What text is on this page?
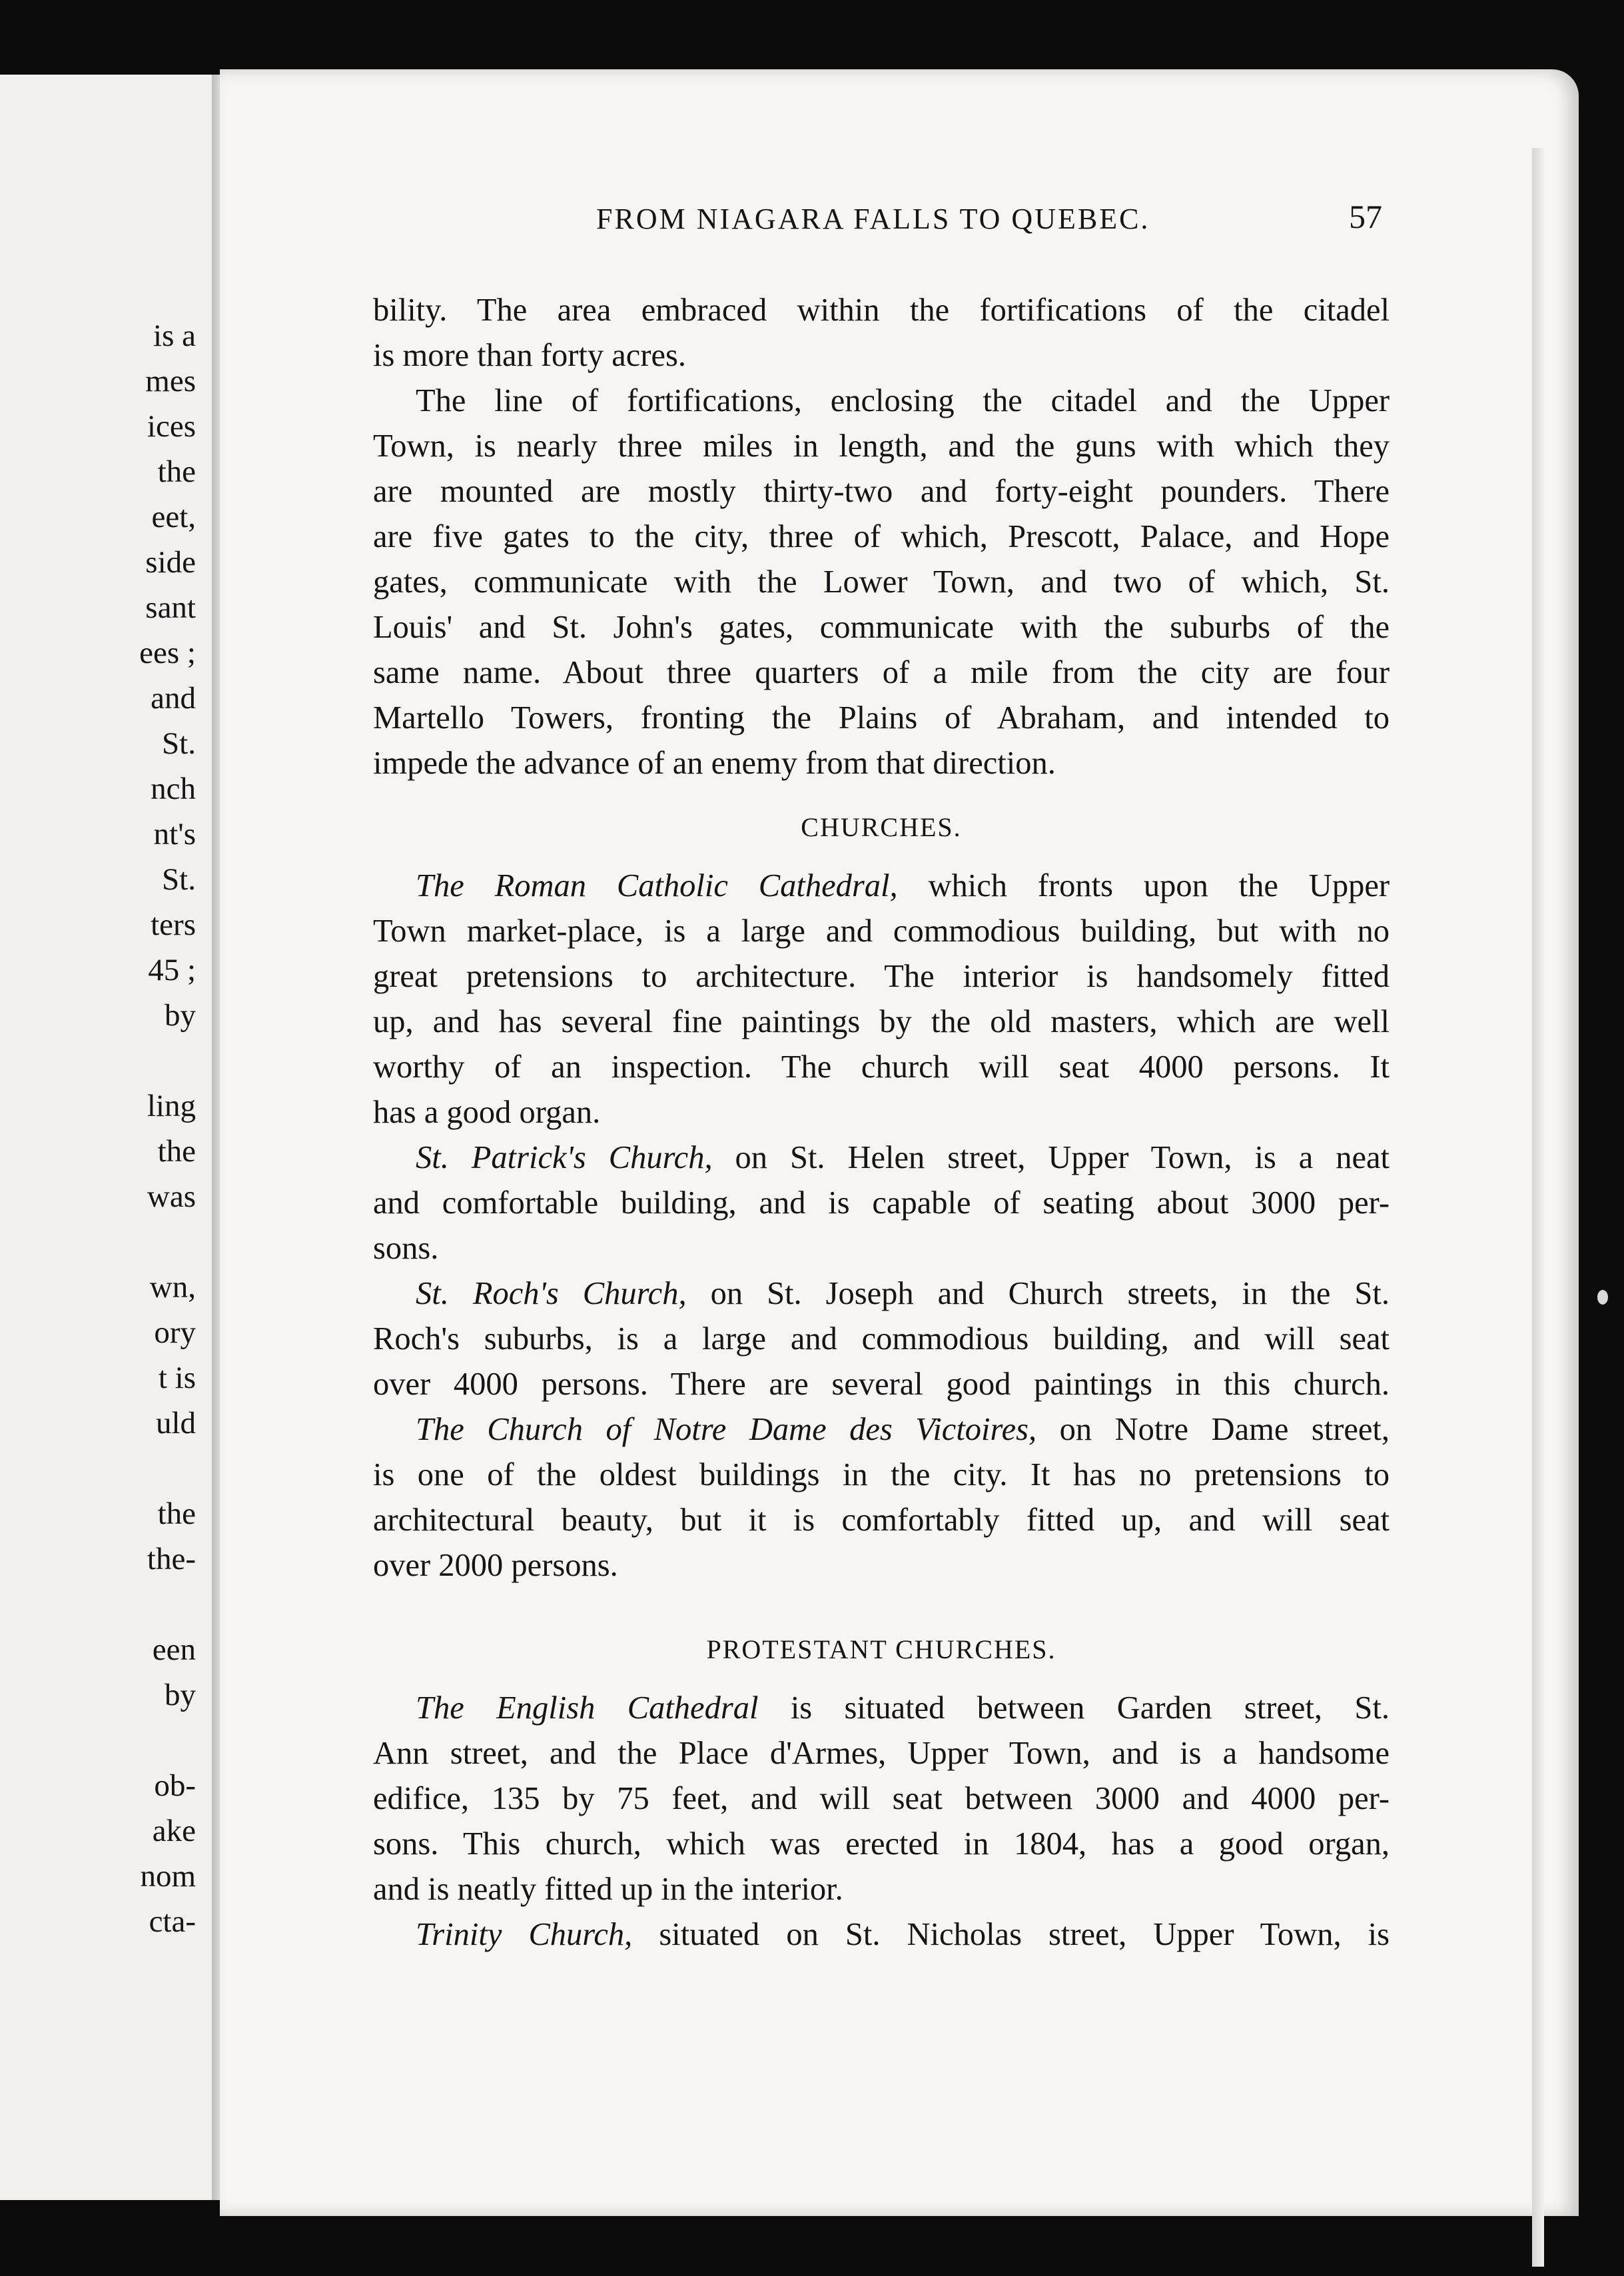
is a
mes
ices
the
eet,
side
sant
ees ;
and
St.
nch
nt's
St.
ters
45 ;
by
ling
the
was
wn,
ory
t is
uld
the
the-
een
by
ob-
ake
nom
cta-
FROM NIAGARA FALLS TO QUEBEC.	57

bility. The area embraced within the fortifications of the citadel
is more than forty acres.

The line of fortifications, enclosing the citadel and the Upper
Town, is nearly three miles in length, and the guns with which they
are mounted are mostly thirty-two and forty-eight pounders. There
are five gates to the city, three of which, Prescott, Palace, and Hope
gates, communicate with the Lower Town, and two of which, St.
Louis' and St. John's gates, communicate with the suburbs of the
same name. About three quarters of a mile from the city are four
Martello Towers, fronting the Plains of Abraham, and intended to
impede the advance of an enemy from that direction.

CHURCHES.

The Roman Catholic Cathedral, which fronts upon the Upper
Town market-place, is a large and commodious building, but with no
great pretensions to architecture. The interior is handsomely fitted
up, and has several fine paintings by the old masters, which are well
worthy of an inspection. The church will seat 4000 persons. It
has a good organ.

St. Patrick's Church, on St. Helen street, Upper Town, is a neat
and comfortable building, and is capable of seating about 3000 per-
sons.

St. Roch's Church, on St. Joseph and Church streets, in the St.
Roch's suburbs, is a large and commodious building, and will seat
over 4000 persons. There are several good paintings in this church.

The Church of Notre Dame des Victoires, on Notre Dame street,
is one of the oldest buildings in the city. It has no pretensions to
architectural beauty, but it is comfortably fitted up, and will seat
over 2000 persons.

PROTESTANT CHURCHES.

The English Cathedral is situated between Garden street, St.
Ann street, and the Place d'Armes, Upper Town, and is a handsome
edifice, 135 by 75 feet, and will seat between 3000 and 4000 per-
sons. This church, which was erected in 1804, has a good organ,
and is neatly fitted up in the interior.

Trinity Church, situated on St. Nicholas street, Upper Town, is
